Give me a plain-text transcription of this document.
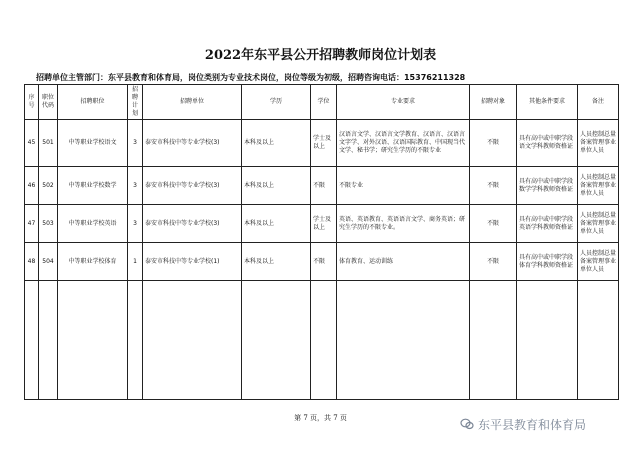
2022年东平县公开招聘教师岗位计划表
招聘单位主管部门：东平县教育和体育局，岗位类别为专业技术岗位，岗位等级为初级，招聘咨询电话：15376211328
序号	职位代码	招聘职位	招聘计划	招聘单位	学历	学位	专业要求	招聘对象	其他条件要求	备注
45	501	中等职业学校语文	3	泰安市科技中等专业学校(3)	本科及以上	学士及以上	汉语言文学、汉语言文学教育、汉语言、汉语言文字学、对外汉语、汉语国际教育、中国现当代文学、秘书学；研究生学历的不限专业	不限	具有高中或中职学段语文学科教师资格证	人员控制总量备案管理事业单位人员
46	502	中等职业学校数学	3	泰安市科技中等专业学校(3)	本科及以上	不限	不限专业	不限	具有高中或中职学段数学学科教师资格证	人员控制总量备案管理事业单位人员
47	503	中等职业学校英语	3	泰安市科技中等专业学校(3)	本科及以上	学士及以上	英语、英语教育、英语语言文学、商务英语；研究生学历的不限专业。	不限	具有高中或中职学段英语学科教师资格证	人员控制总量备案管理事业单位人员
48	504	中等职业学校体育	1	泰安市科技中等专业学校(1)	本科及以上	不限	体育教育、运动训练	不限	具有高中或中职学段体育学科教师资格证	人员控制总量备案管理事业单位人员

第 7 页，共 7 页	东平县教育和体育局
